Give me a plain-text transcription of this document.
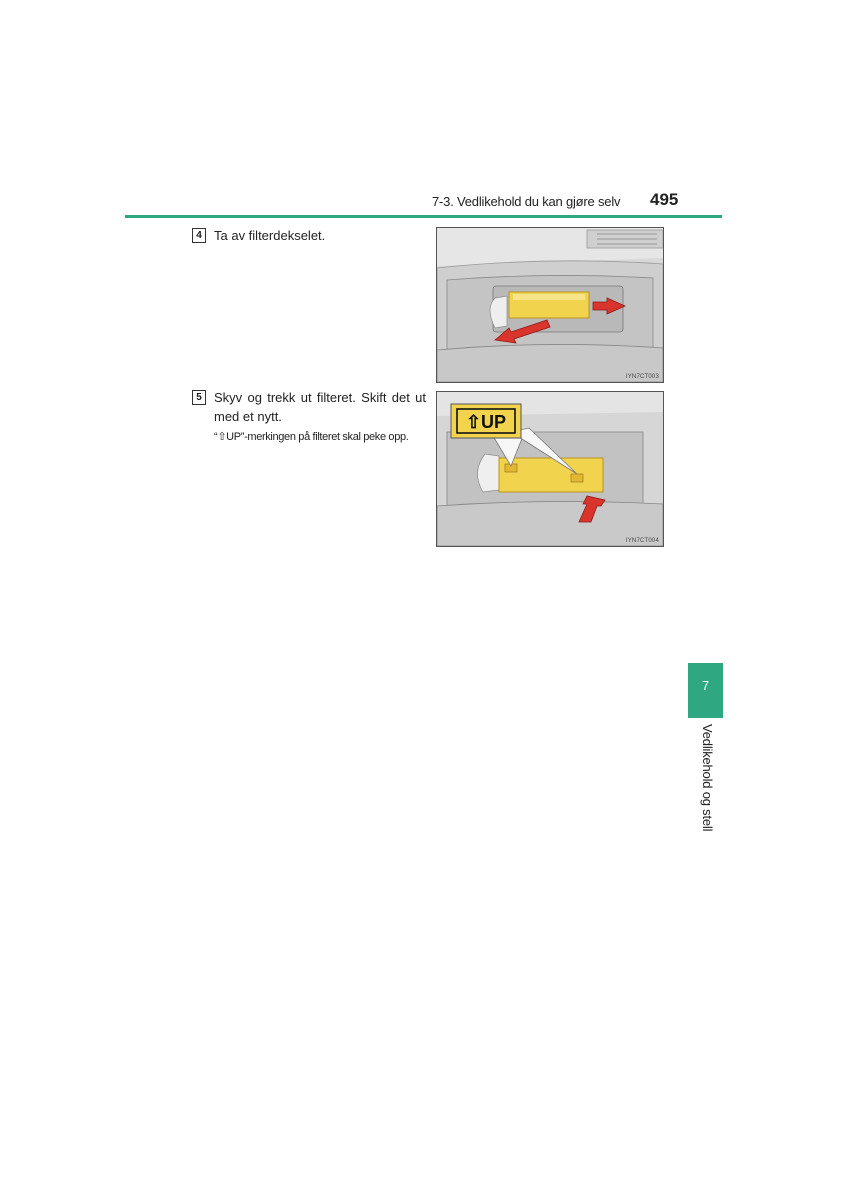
7-3. Vedlikehold du kan gjøre selv 495
4 Ta av filterdekselet.
IYN7CT003
5 Skyv og trekk ut filteret. Skift det ut med et nytt.
“⇧UP”-merkingen på filteret skal peke opp.
⇧UP
IYN7CT004
7
Vedlikehold og stell
